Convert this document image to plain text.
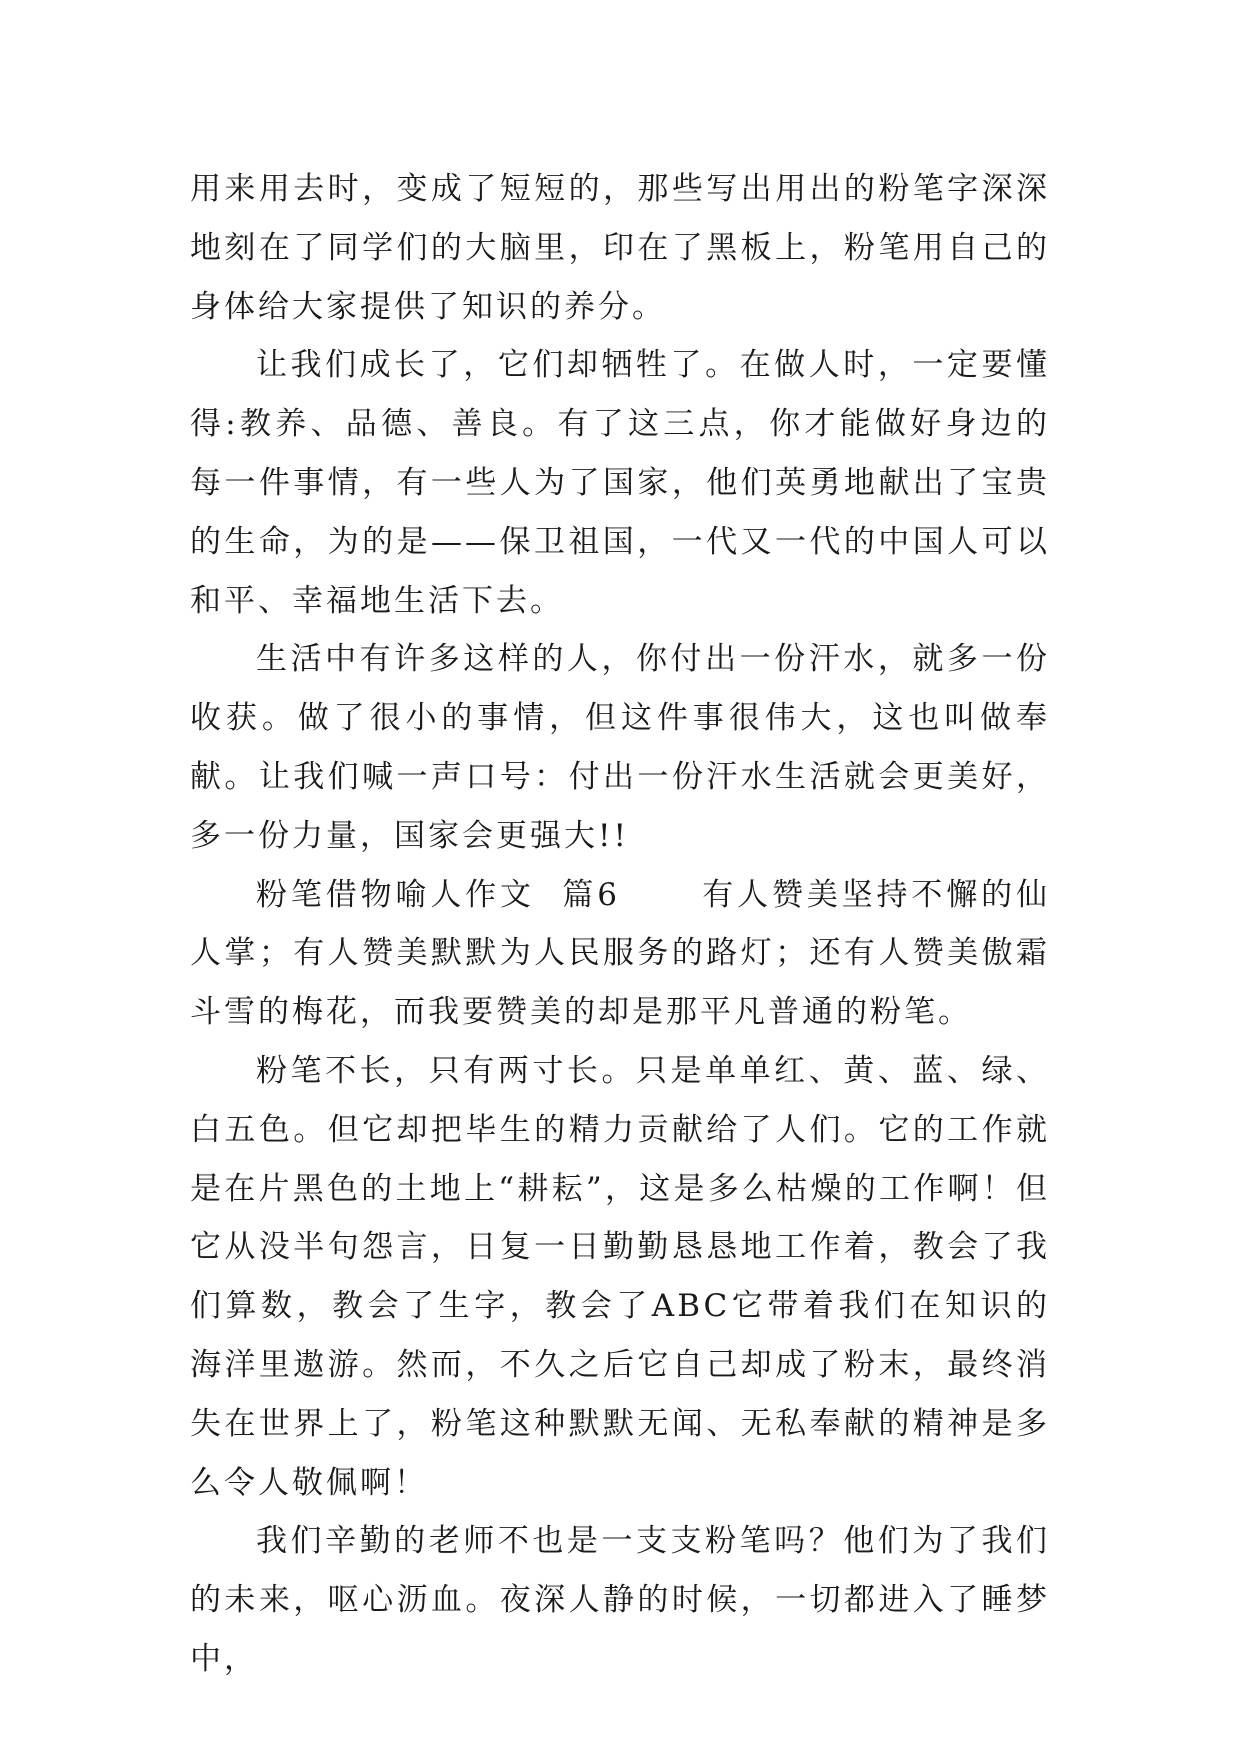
用来用去时，变成了短短的，那些写出用出的粉笔字深深地刻在了同学们的大脑里，印在了黑板上，粉笔用自己的身体给大家提供了知识的养分。

让我们成长了，它们却牺牲了。在做人时，一定要懂得:教养、品德、善良。有了这三点，你才能做好身边的每一件事情，有一些人为了国家，他们英勇地献出了宝贵的生命，为的是——保卫祖国，一代又一代的中国人可以和平、幸福地生活下去。

生活中有许多这样的人，你付出一份汗水，就多一份收获。做了很小的事情，但这件事很伟大，这也叫做奉献。让我们喊一声口号：付出一份汗水生活就会更美好，多一份力量，国家会更强大!!

粉笔借物喻人作文  篇6      有人赞美坚持不懈的仙人掌；有人赞美默默为人民服务的路灯；还有人赞美傲霜斗雪的梅花，而我要赞美的却是那平凡普通的粉笔。

粉笔不长，只有两寸长。只是单单红、黄、蓝、绿、白五色。但它却把毕生的精力贡献给了人们。它的工作就是在片黑色的土地上“耕耘”，这是多么枯燥的工作啊！但它从没半句怨言，日复一日勤勤恳恳地工作着，教会了我们算数，教会了生字，教会了ABC它带着我们在知识的海洋里遨游。然而，不久之后它自己却成了粉末，最终消失在世界上了，粉笔这种默默无闻、无私奉献的精神是多么令人敬佩啊！

我们辛勤的老师不也是一支支粉笔吗？他们为了我们的未来，呕心沥血。夜深人静的时候，一切都进入了睡梦中，
